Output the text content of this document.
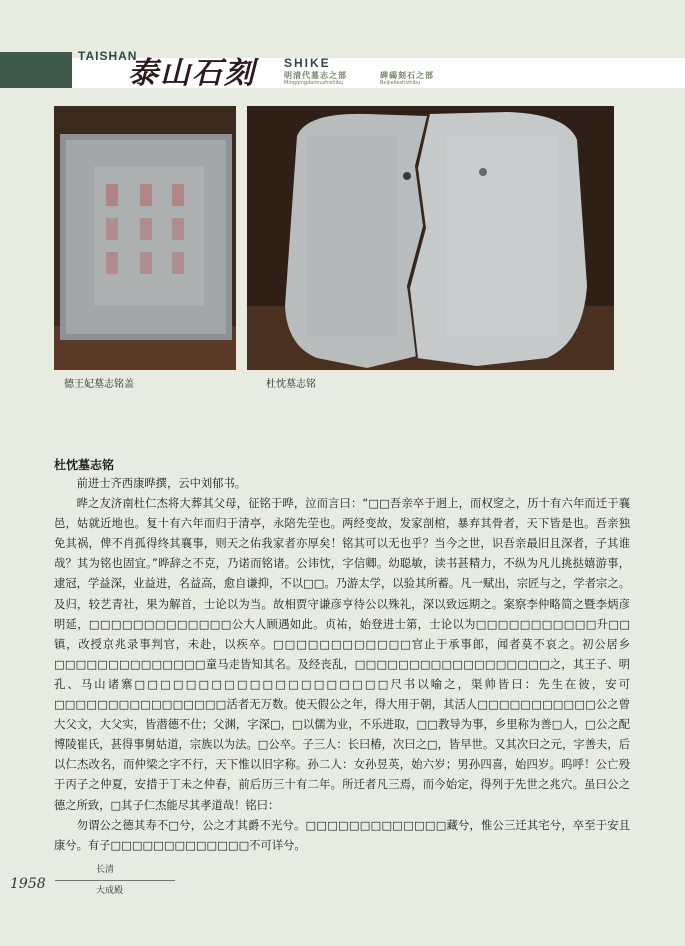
TAISHAN
泰山石刻 SHIKE
明清代墓志之部
Mingqingdaimuzhizhibu
碑碣刻石之部
Beijiekeshizhibu
德王妃墓志铭盖	杜忱墓志铭
杜忱墓志铭

前进士齐西康晔撰，云中刘郁书。

晔之友济南杜仁杰将大葬其父母，征铭于晔，泣而言曰：“□□吾亲卒于迥上，而权窆之，历十有六年而迁于襄邑，姑就近地也。复十有六年而归于清亭，永陪先茔也。两经变故，发家剖棺，暴弃其骨者，天下皆是也。吾亲独免其祸，俾不肖孤得终其襄事，则天之佑我家者亦厚矣！铭其可以无也乎？当今之世，识吾亲最旧且深者，子其谁哉？其为铭也固宜。”晔辞之不克，乃诺而铭诸。公讳忱，字信卿。幼聪敏，读书甚精力，不纵为凡儿挑挞嬉游事，逮冠，学益深，业益进，名益高，愈自谦抑，不以□□。乃游太学，以验其所蓄。凡一赋出，宗匠与之，学者宗之。及归，较艺青社，果为解首，士论以为当。故相贾守谦彦亨待公以殊礼，深以致远期之。案察李仲略简之暨李炳彦明延，□□□□□□□□□□□□□公大人顾遇如此。贞祐，始登进士第，士论以为□□□□□□□□□□□升□□镇，改授京兆录事判官，未赴，以疾卒。□□□□□□□□□□□□官止于承事郎，闻者莫不哀之。初公居乡□□□□□□□□□□□□□□童马走皆知其名。及经丧乱，□□□□□□□□□□□□□□□□□□之，其王子、明孔、马山诸寨□□□□□□□□□□□□□□□□□□□□尺书以喻之，渠帅皆曰：先生在彼，安可□□□□□□□□□□□□□□□□活者无万数。使天假公之年，得大用于朝，其活人□□□□□□□□□□□公之曾大父文，大父实，皆潜德不仕；父渊，字深□，□以儒为业，不乐进取，□□教导为事，乡里称为善□人，□公之配博陵崔氏，甚得事舅姑道，宗族以为法。□公卒。子三人：长曰椿，次曰之□，皆早世。又其次曰之元，字善夫，后以仁杰改名，而仲梁之字不行，天下惟以旧字称。孙二人：女孙昱英，始六岁；男孙四喜，始四岁。呜呼！公亡殁于丙子之仲夏，安措于丁未之仲春，前后历三十有二年。所迁者凡三焉，而今始定，得列于先世之兆穴。虽曰公之德之所致，□其子仁杰能尽其孝道哉！铭曰：

勿谓公之德其寿不□兮，公之才其爵不光兮。□□□□□□□□□□□□□藏兮，惟公三迁其宅兮，卒至于安且康兮。有子□□□□□□□□□□□□□不可详兮。

长清
1958	大成殿
